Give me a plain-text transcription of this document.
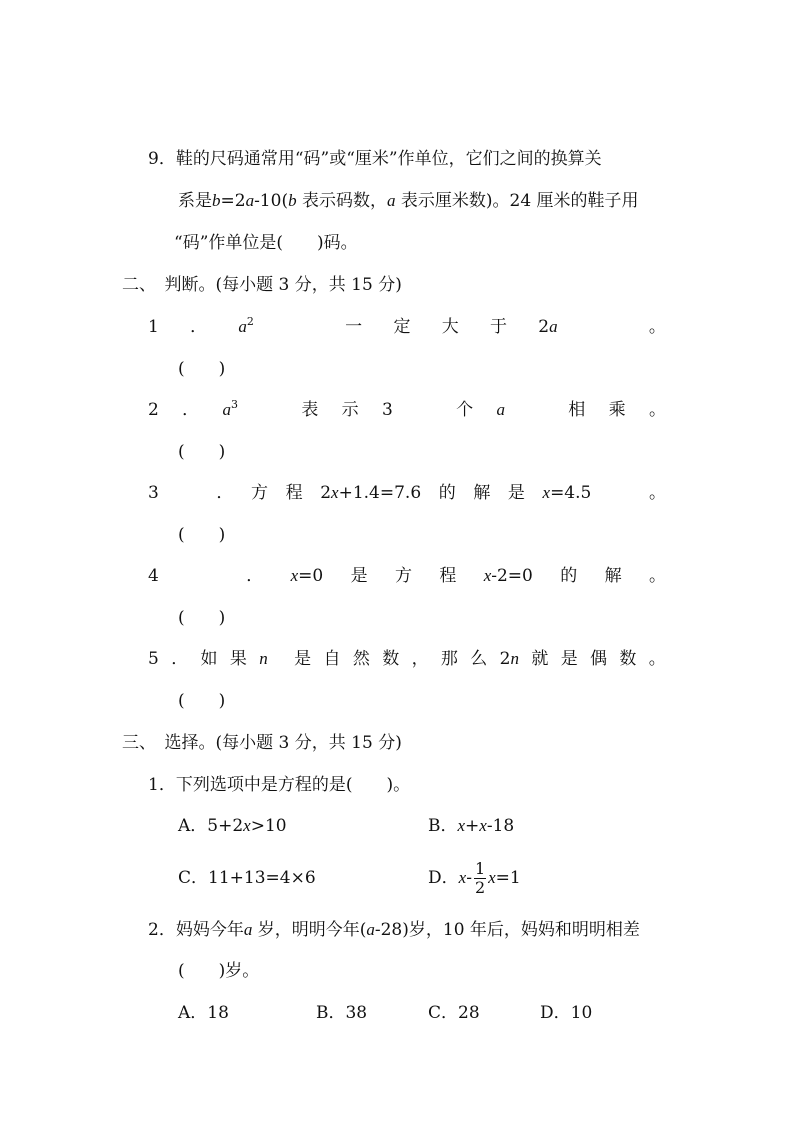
9．鞋的尺码通常用“码”或“厘米”作单位，它们之间的换算关
系是b=2a-10(b 表示码数，a 表示厘米数)。24 厘米的鞋子用
“码”作单位是(　　)码。
二、　判断。(每小题 3 分，共 15 分)
1 ． $a^2$	一 定 大 于 2a	。
(　　)
2 ． $a^3$	表 示 3	个 a	相 乘 。
(　　)
3	． 方 程 2x+1.4=7.6 的 解 是 x=4.5	。
(　　)
4	． x=0 是 方 程 x-2=0 的 解 。
(　　)
5 ． 如 果 n 是 自 然 数 ， 那 么 2n 就 是 偶 数 。
(　　)
三、　选择。(每小题 3 分，共 15 分)
1．下列选项中是方程的是(　　)。
A．5+2x>10	B．x+x-18
C．11+13=4×6	D．$x- \frac{1}{2} x=1$
2．妈妈今年a 岁，明明今年(a-28)岁，10 年后，妈妈和明明相差
(　　)岁。
A．18	B．38	C．28	D．10
